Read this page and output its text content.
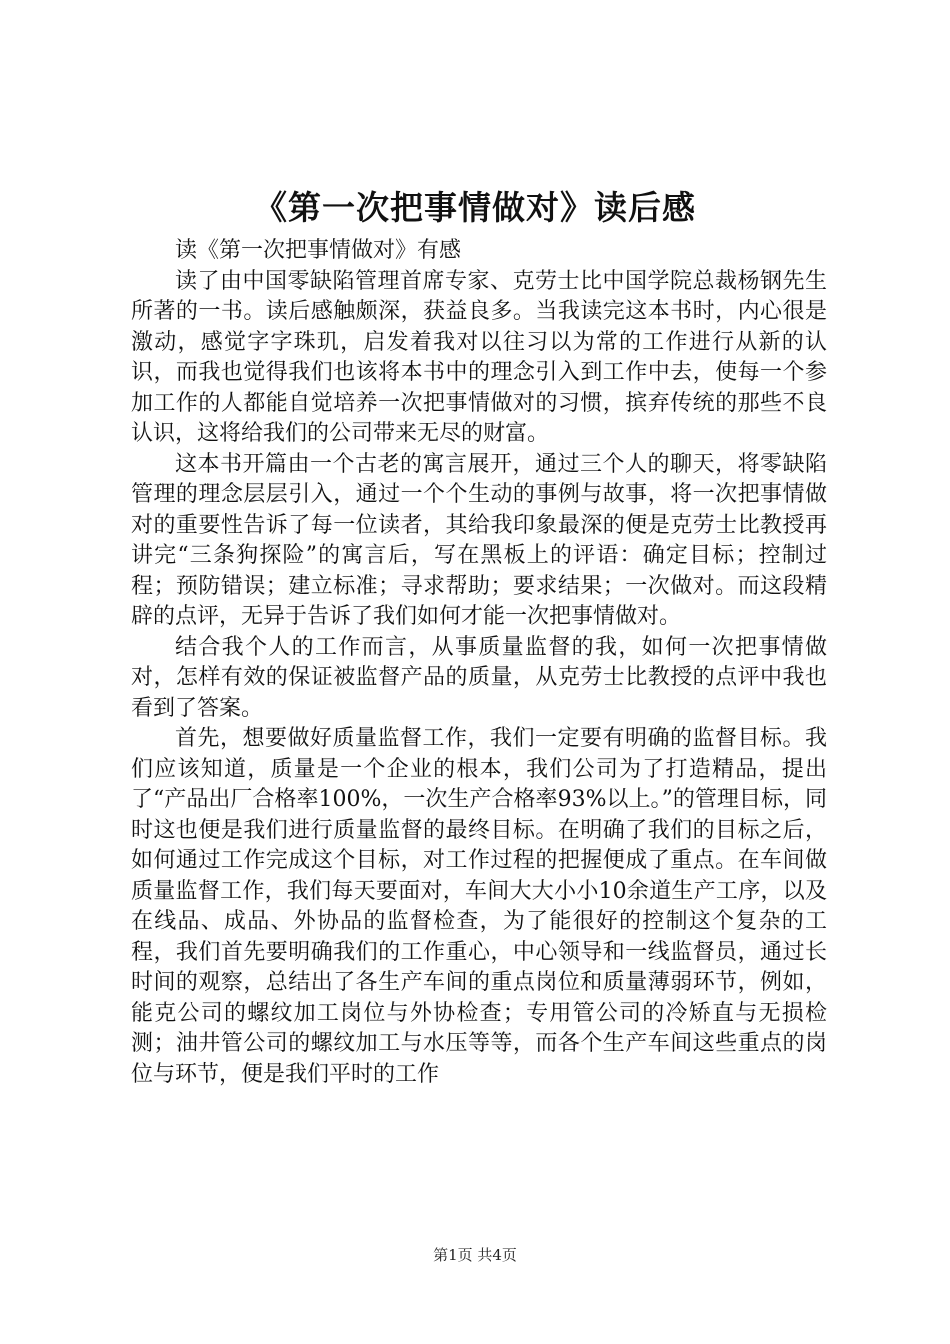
《第一次把事情做对》读后感

读《第一次把事情做对》有感

读了由中国零缺陷管理首席专家、克劳士比中国学院总裁杨钢先生所著的一书。读后感触颇深，获益良多。当我读完这本书时，内心很是激动，感觉字字珠玑，启发着我对以往习以为常的工作进行从新的认识，而我也觉得我们也该将本书中的理念引入到工作中去，使每一个参加工作的人都能自觉培养一次把事情做对的习惯，摈弃传统的那些不良认识，这将给我们的公司带来无尽的财富。

这本书开篇由一个古老的寓言展开，通过三个人的聊天，将零缺陷管理的理念层层引入，通过一个个生动的事例与故事，将一次把事情做对的重要性告诉了每一位读者，其给我印象最深的便是克劳士比教授再讲完“三条狗探险”的寓言后，写在黑板上的评语：确定目标；控制过程；预防错误；建立标准；寻求帮助；要求结果；一次做对。而这段精辟的点评，无异于告诉了我们如何才能一次把事情做对。

结合我个人的工作而言，从事质量监督的我，如何一次把事情做对，怎样有效的保证被监督产品的质量，从克劳士比教授的点评中我也看到了答案。

首先，想要做好质量监督工作，我们一定要有明确的监督目标。我们应该知道，质量是一个企业的根本，我们公司为了打造精品，提出了“产品出厂合格率100%，一次生产合格率93%以上。”的管理目标，同时这也便是我们进行质量监督的最终目标。在明确了我们的目标之后，如何通过工作完成这个目标，对工作过程的把握便成了重点。在车间做质量监督工作，我们每天要面对，车间大大小小10余道生产工序，以及在线品、成品、外协品的监督检查，为了能很好的控制这个复杂的工程，我们首先要明确我们的工作重心，中心领导和一线监督员，通过长时间的观察，总结出了各生产车间的重点岗位和质量薄弱环节，例如，能克公司的螺纹加工岗位与外协检查；专用管公司的冷矫直与无损检测；油井管公司的螺纹加工与水压等等，而各个生产车间这些重点的岗位与环节，便是我们平时的工作

第1页 共4页
